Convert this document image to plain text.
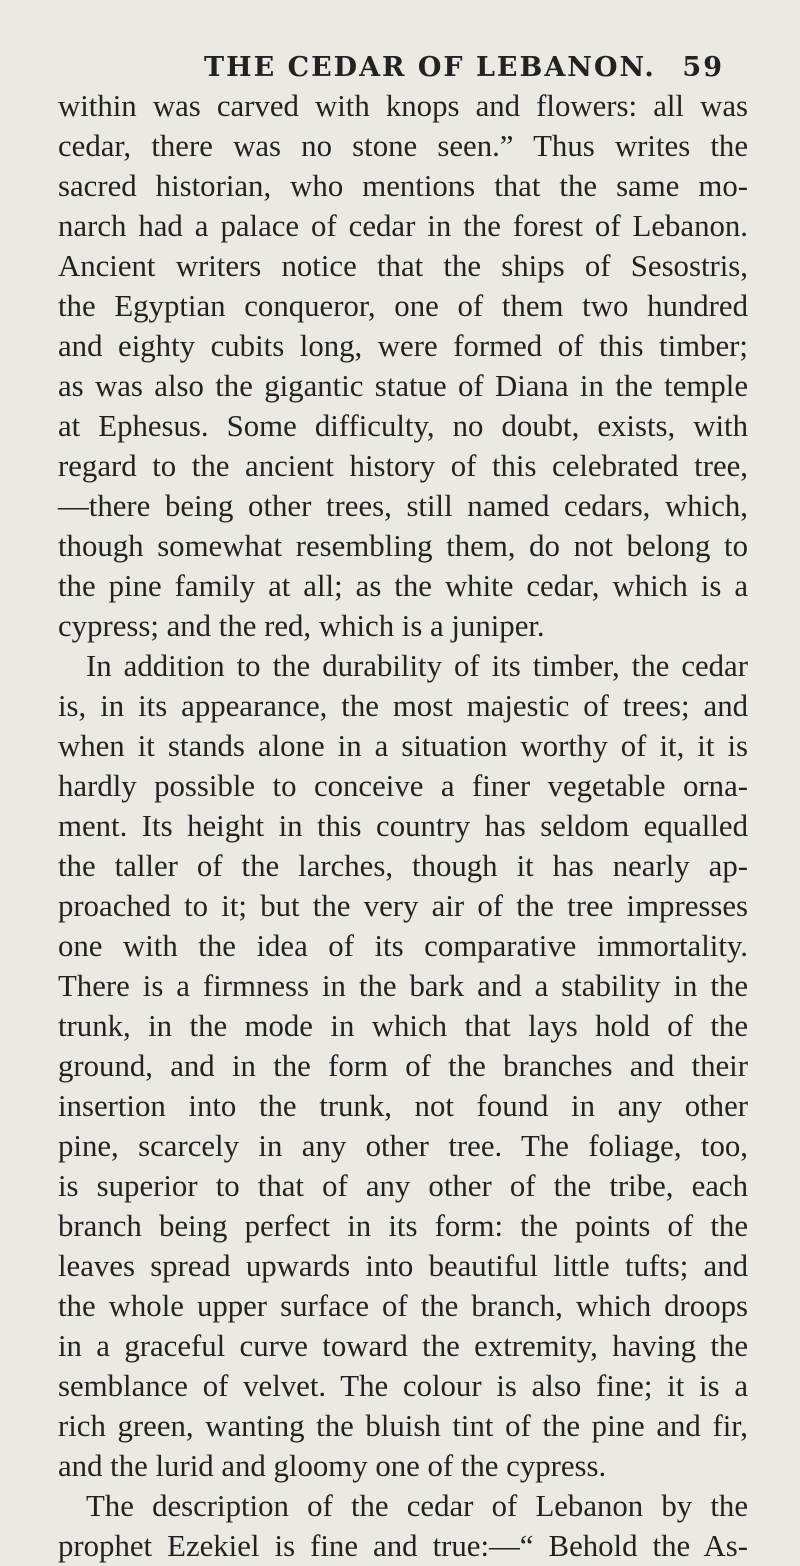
THE CEDAR OF LEBANON. 59
within was carved with knops and flowers: all was
cedar, there was no stone seen.” Thus writes the
sacred historian, who mentions that the same mo-
narch had a palace of cedar in the forest of Lebanon.
Ancient writers notice that the ships of Sesostris,
the Egyptian conqueror, one of them two hundred
and eighty cubits long, were formed of this timber;
as was also the gigantic statue of Diana in the temple
at Ephesus. Some difficulty, no doubt, exists, with
regard to the ancient history of this celebrated tree,
—there being other trees, still named cedars, which,
though somewhat resembling them, do not belong to
the pine family at all; as the white cedar, which is a
cypress; and the red, which is a juniper.
In addition to the durability of its timber, the cedar
is, in its appearance, the most majestic of trees; and
when it stands alone in a situation worthy of it, it is
hardly possible to conceive a finer vegetable orna-
ment. Its height in this country has seldom equalled
the taller of the larches, though it has nearly ap-
proached to it; but the very air of the tree impresses
one with the idea of its comparative immortality.
There is a firmness in the bark and a stability in the
trunk, in the mode in which that lays hold of the
ground, and in the form of the branches and their
insertion into the trunk, not found in any other
pine, scarcely in any other tree. The foliage, too,
is superior to that of any other of the tribe, each
branch being perfect in its form: the points of the
leaves spread upwards into beautiful little tufts; and
the whole upper surface of the branch, which droops
in a graceful curve toward the extremity, having the
semblance of velvet. The colour is also fine; it is a
rich green, wanting the bluish tint of the pine and fir,
and the lurid and gloomy one of the cypress.
The description of the cedar of Lebanon by the
prophet Ezekiel is fine and true:—“ Behold the As-
